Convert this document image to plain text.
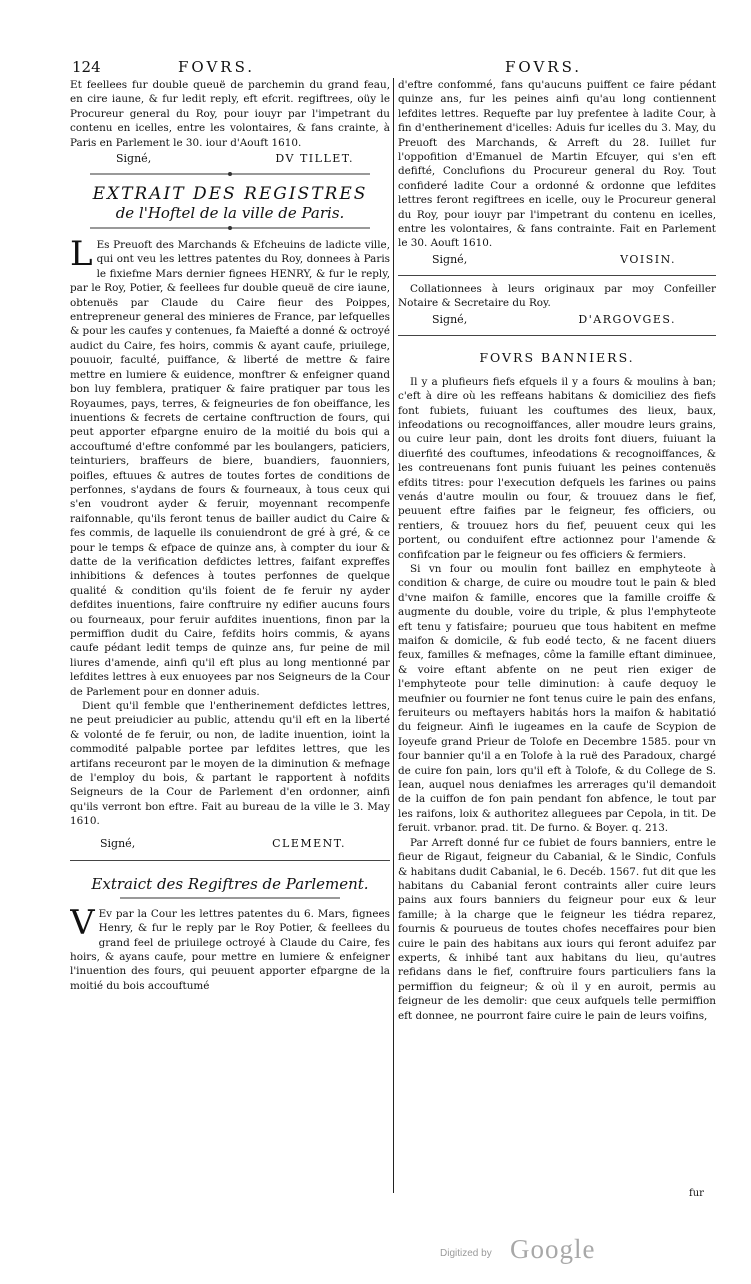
124	FOVRS.	FOVRS.

Et feellees fur double queuë de parchemin du grand feau, en cire iaune, & fur ledit reply, eft efcrit. regiftrees, oüy le Procureur general du Roy, pour iouyr par l'impetrant du contenu en icelles, entre les volontaires, & fans crainte, à Paris en Parlement le 30. iour d'Aouft 1610.

Signé,	DV TILLET.
EXTRAIT DES REGISTRES
de l'Hoftel de la ville de Paris.

L Es Preuoft des Marchands & Efcheuins de ladicte ville, qui ont veu les lettres patentes du Roy, donnees à Paris le fixiefme Mars dernier fignees HENRY, & fur le reply, par le Roy, Potier, & feellees fur double queuë de cire iaune, obtenuës par Claude du Caire fieur des Poippes, entrepreneur general des minieres de France, par lefquelles & pour les caufes y contenues, fa Maiefté a donné & octroyé audict du Caire, fes hoirs, commis & ayant caufe, priuilege, pouuoir, faculté, puiffance, & liberté de mettre & faire mettre en lumiere & euidence, monftrer & enfeigner quand bon luy femblera, pratiquer & faire pratiquer par tous les Royaumes, pays, terres, & feigneuries de fon obeiffance, les inuentions & fecrets de certaine conftruction de fours, qui peut apporter efpargne enuiro de la moitié du bois qui a accouftumé d'eftre confommé par les boulangers, paticiers, teinturiers, braffeurs de biere, buandiers, fauonniers, poifles, eftuues & autres de toutes fortes de conditions de perfonnes, s'aydans de fours & fourneaux, à tous ceux qui s'en voudront ayder & feruir, moyennant recompenfe raifonnable, qu'ils feront tenus de bailler audict du Caire & fes commis, de laquelle ils conuiendront de gré à gré, & ce pour le temps & efpace de quinze ans, à compter du iour & datte de la verification defdictes lettres, faifant expreffes inhibitions & defences à toutes perfonnes de quelque qualité & condition qu'ils foient de fe feruir ny ayder defdites inuentions, faire conftruire ny edifier aucuns fours ou fourneaux, pour feruir aufdites inuentions, finon par la permiffion dudit du Caire, fefdits hoirs commis, & ayans caufe pédant ledit temps de quinze ans, fur peine de mil liures d'amende, ainfi qu'il eft plus au long mentionné par lefdites lettres à eux enuoyees par nos Seigneurs de la Cour de Parlement pour en donner aduis.

Dient qu'il femble que l'entherinement defdictes lettres, ne peut preiudicier au public, attendu qu'il eft en la liberté & volonté de fe feruir, ou non, de ladite inuention, ioint la commodité palpable portee par lefdites lettres, que les artifans receuront par le moyen de la diminution & mefnage de l'employ du bois, & partant le rapportent à nofdits Seigneurs de la Cour de Parlement d'en ordonner, ainfi qu'ils verront bon eftre. Fait au bureau de la ville le 3. May 1610.

Signé,	CLEMENT.
Extraict des Regiftres de Parlement.

V Ev par la Cour les lettres patentes du 6. Mars, fignees Henry, & fur le reply par le Roy Potier, & feellees du grand feel de priuilege octroyé à Claude du Caire, fes hoirs, & ayans caufe, pour mettre en lumiere & enfeigner l'inuention des fours, qui peuuent apporter efpargne de la moitié du bois accouftumé

d'eftre confommé, fans qu'aucuns puiffent ce faire pédant quinze ans, fur les peines ainfi qu'au long contiennent lefdites lettres. Requefte par luy prefentee à ladite Cour, à fin d'entherinement d'icelles: Aduis fur icelles du 3. May, du Preuoft des Marchands, & Arreft du 28. Iuillet fur l'oppofition d'Emanuel de Martin Efcuyer, qui s'en eft defifté, Conclufions du Procureur general du Roy. Tout confideré ladite Cour a ordonné & ordonne que lefdites lettres feront regiftrees en icelle, ouy le Procureur general du Roy, pour iouyr par l'impetrant du contenu en icelles, entre les volontaires, & fans contrainte. Fait en Parlement le 30. Aouft 1610.

Signé,	VOISIN.

Collationnees à leurs originaux par moy Confeiller Notaire & Secretaire du Roy.

Signé,	D'ARGOVGES.
FOVRS BANNIERS.

Il y a plufieurs fiefs efquels il y a fours & moulins à ban; c'eft à dire où les reffeans habitans & domiciliez des fiefs font fubiets, fuiuant les couftumes des lieux, baux, infeodations ou recognoiffances, aller moudre leurs grains, ou cuire leur pain, dont les droits font diuers, fuiuant la diuerfité des couftumes, infeodations & recognoiffances, & les contreuenans font punis fuiuant les peines contenuës efdits titres: pour l'execution defquels les farines ou pains venás d'autre moulin ou four, & trouuez dans le fief, peuuent eftre faifies par le feigneur, fes officiers, ou rentiers, & trouuez hors du fief, peuuent ceux qui les portent, ou conduifent eftre actionnez pour l'amende & confifcation par le feigneur ou fes officiers & fermiers.

Si vn four ou moulin font baillez en emphyteote à condition & charge, de cuire ou moudre tout le pain & bled d'vne maifon & famille, encores que la famille croiffe & augmente du double, voire du triple, & plus l'emphyteote eft tenu y fatisfaire; pourueu que tous habitent en mefme maifon & domicile, & fub eodé tecto, & ne facent diuers feux, familles & mefnages, côme la famille eftant diminuee, & voire eftant abfente on ne peut rien exiger de l'emphyteote pour telle diminution: à caufe dequoy le meufnier ou fournier ne font tenus cuire le pain des enfans, feruiteurs ou meftayers habitás hors la maifon & habitatió du feigneur. Ainfi le iugeames en la caufe de Scypion de Ioyeufe grand Prieur de Tolofe en Decembre 1585. pour vn four bannier qu'il a en Tolofe à la ruë des Paradoux, chargé de cuire fon pain, lors qu'il eft à Tolofe, & du College de S. Iean, auquel nous deniafmes les arrerages qu'il demandoit de la cuiffon de fon pain pendant fon abfence, le tout par les raifons, loix & authoritez alleguees par Cepola, in tit. De feruit. vrbanor. prad. tit. De furno. & Boyer. q. 213.

Par Arreft donné fur ce fubiet de fours banniers, entre le fieur de Rigaut, feigneur du Cabanial, & le Sindic, Confuls & habitans dudit Cabanial, le 6. Decéb. 1567. fut dit que les habitans du Cabanial feront contraints aller cuire leurs pains aux fours banniers du feigneur pour eux & leur famille; à la charge que le feigneur les tiédra reparez, fournis & pourueus de toutes chofes neceffaires pour bien cuire le pain des habitans aux iours qui feront aduifez par experts, & inhibé tant aux habitans du lieu, qu'autres refidans dans le fief, conftruire fours particuliers fans la permiffion du feigneur; & où il y en auroit, permis au feigneur de les demolir: que ceux aufquels telle permiffion eft donnee, ne pourront faire cuire le pain de leurs voifins,

fur
Digitized by Google
